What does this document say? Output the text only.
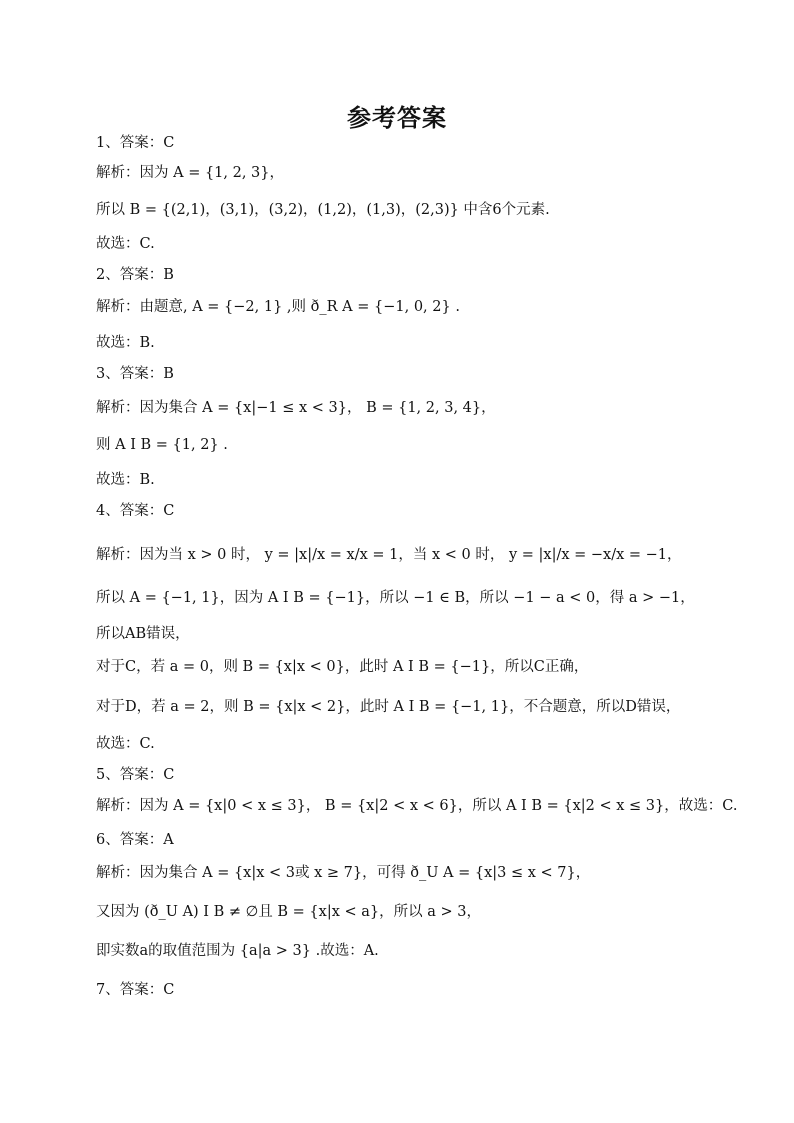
参考答案
1、答案：C
解析：因为 A = {1, 2, 3}，
所以 B = {(2,1)，(3,1)，(3,2)，(1,2)，(1,3)，(2,3)} 中含6个元素.
故选：C.
2、答案：B
解析：由题意, A = {−2, 1} ,则 ð_R A = {−1, 0, 2} .
故选：B.
3、答案：B
解析：因为集合 A = {x|−1 ≤ x < 3}， B = {1, 2, 3, 4}，
则 A I B = {1, 2} .
故选：B.
4、答案：C
解析：因为当 x > 0 时， y = |x|/x = x/x = 1，当 x < 0 时， y = |x|/x = −x/x = −1，
所以 A = {−1, 1}，因为 A I B = {−1}，所以 −1 ∈ B，所以 −1 − a < 0，得 a > −1，
所以AB错误，
对于C，若 a = 0，则 B = {x|x < 0}，此时 A I B = {−1}，所以C正确，
对于D，若 a = 2，则 B = {x|x < 2}，此时 A I B = {−1, 1}，不合题意，所以D错误，
故选：C.
5、答案：C
解析：因为 A = {x|0 < x ≤ 3}， B = {x|2 < x < 6}，所以 A I B = {x|2 < x ≤ 3}，故选：C.
6、答案：A
解析：因为集合 A = {x|x < 3或 x ≥ 7}，可得 ð_U A = {x|3 ≤ x < 7}，
又因为 (ð_U A) I B ≠ ∅且 B = {x|x < a}，所以 a > 3，
即实数a的取值范围为 {a|a > 3} .故选：A.
7、答案：C
